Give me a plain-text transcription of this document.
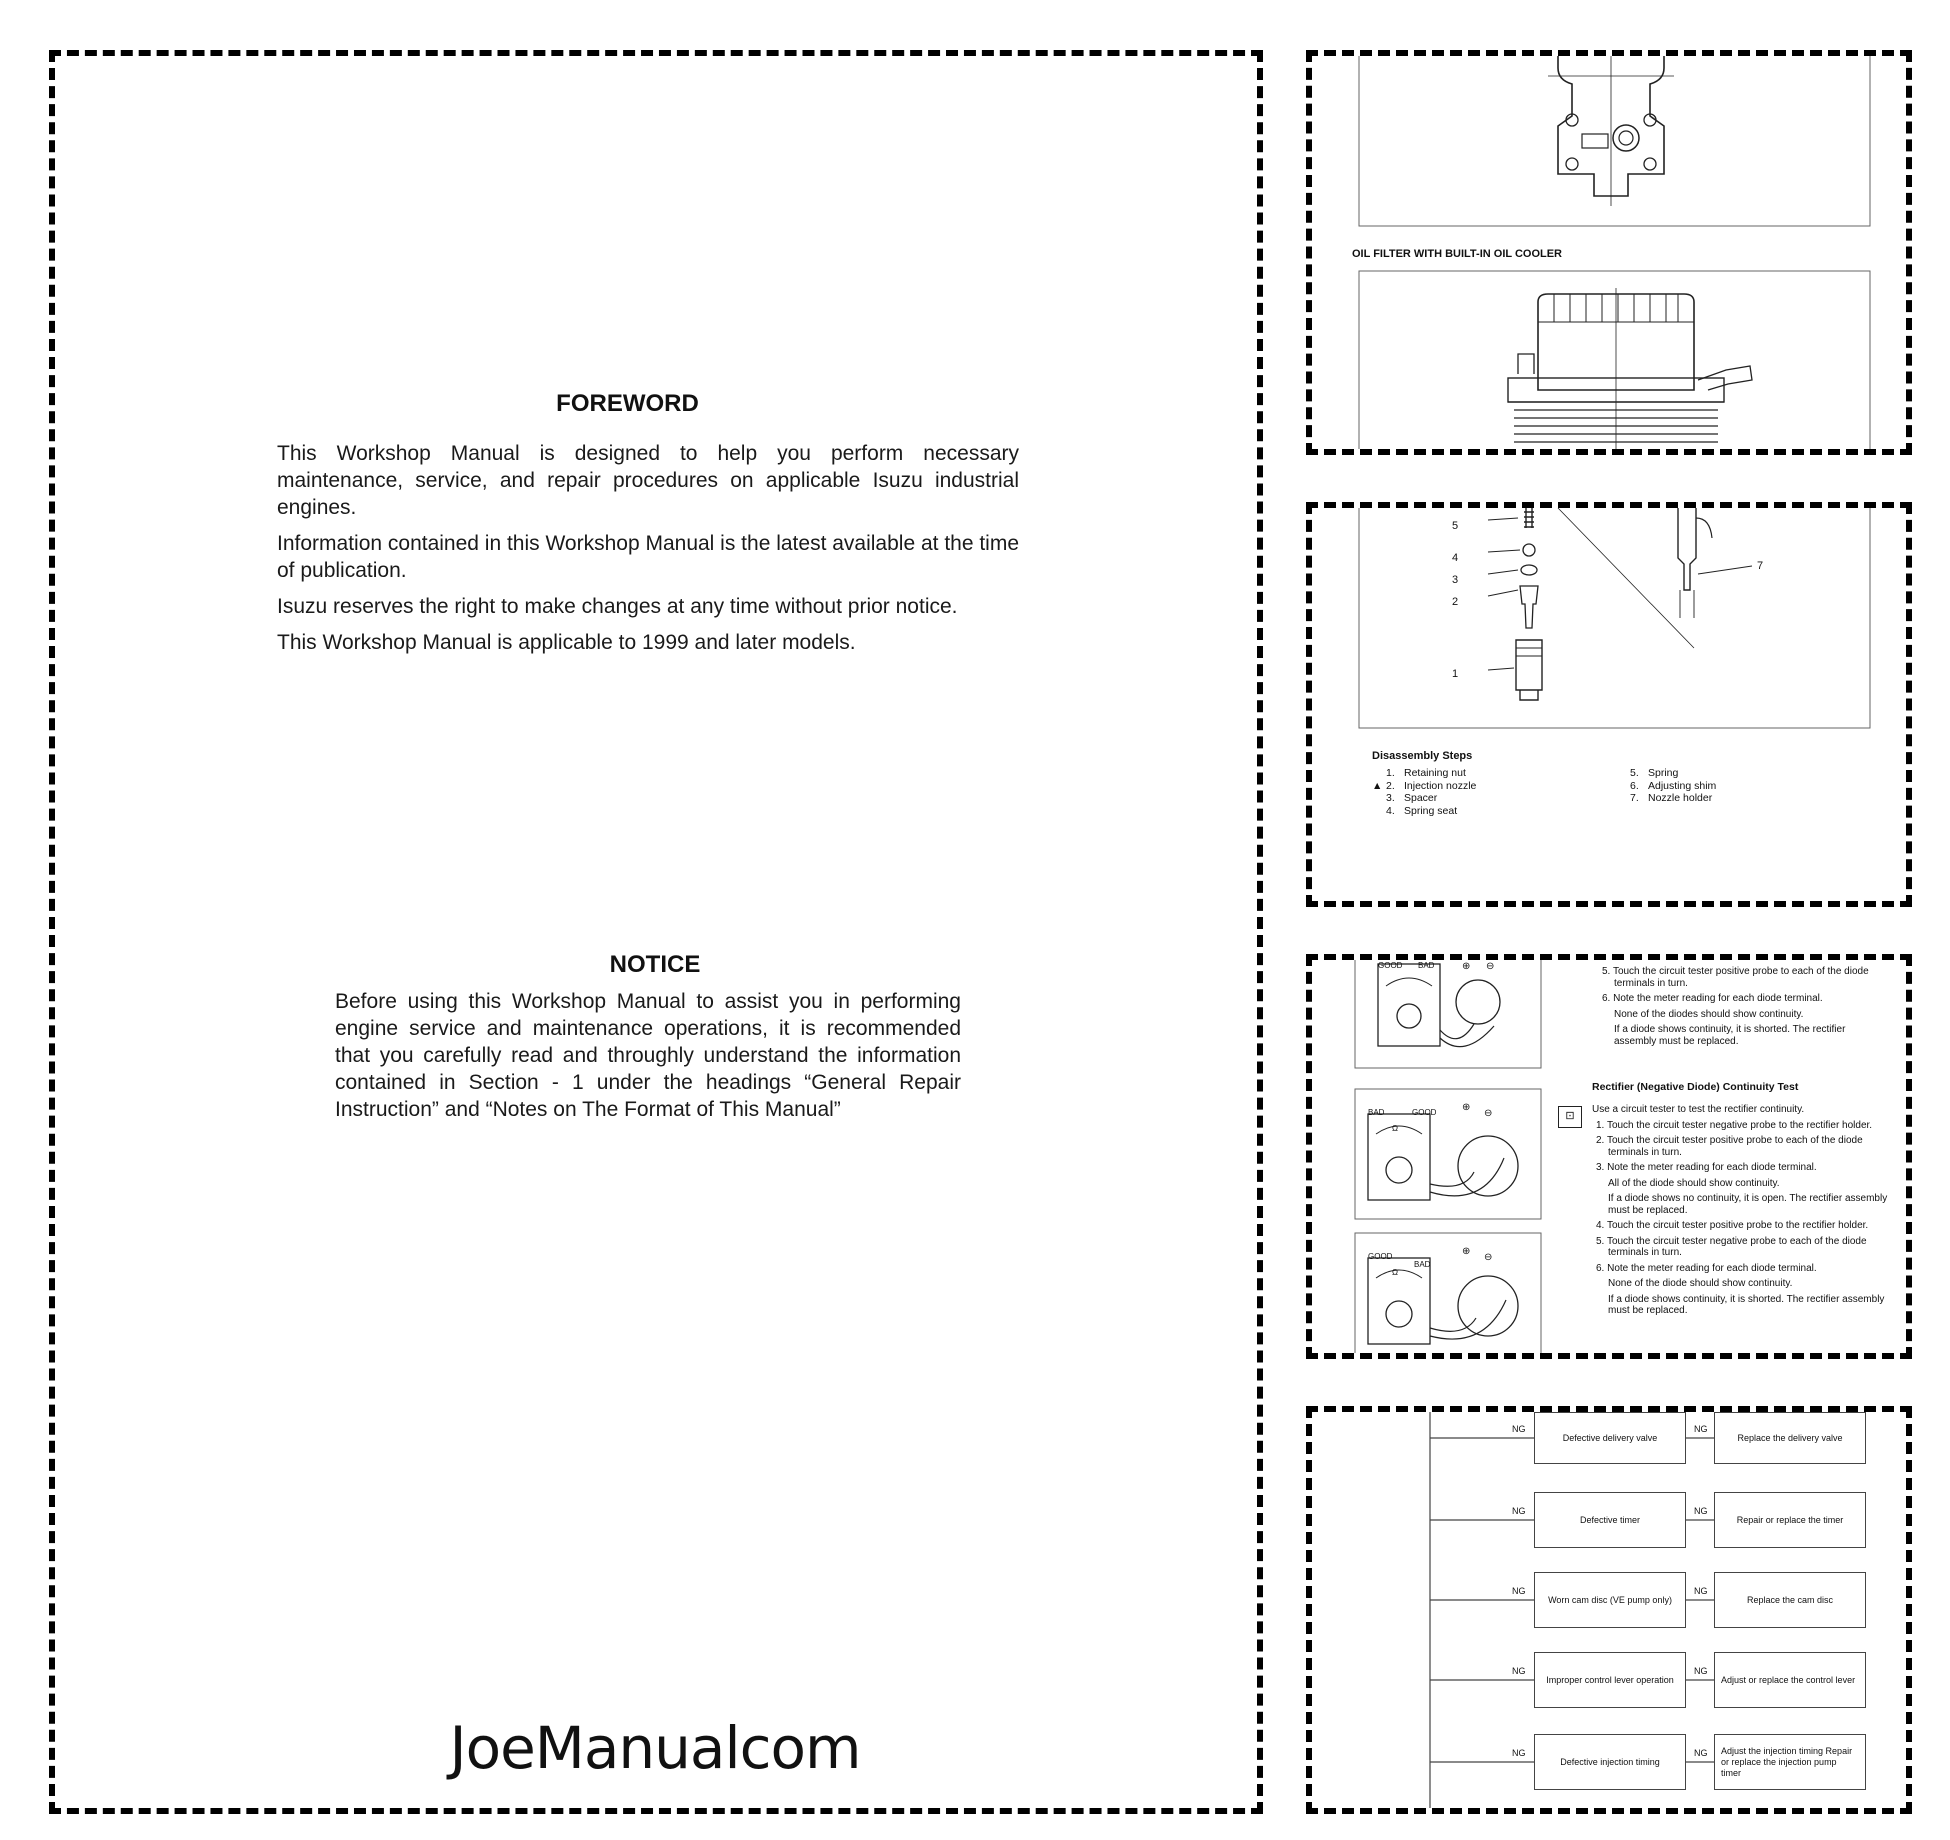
FOREWORD

This Workshop Manual is designed to help you perform necessary maintenance, service, and repair procedures on applicable Isuzu industrial engines.

Information contained in this Workshop Manual is the latest available at the time of publication.

Isuzu reserves the right to make changes at any time without prior notice.

This Workshop Manual is applicable to 1999 and later models.

NOTICE

Before using this Workshop Manual to assist you in performing engine service and maintenance operations, it is recommended that you carefully read and throughly understand the information contained in Section - 1 under the headings “General Repair Instruction” and “Notes on The Format of This Manual”

JoeManualcom
OIL FILTER WITH BUILT-IN OIL COOLER
5
4
3
2
1
7
Disassembly Steps
1. Retaining nut
▲ 2. Injection nozzle
3. Spacer
4. Spring seat
5. Spring
6. Adjusting shim
7. Nozzle holder
GOOD BAD	⊕ ⊖
BAD	GOOD
Ω
⊕
⊖
GOOD
BAD
Ω
⊕
⊖
5. Touch the circuit tester positive probe to each of the diode terminals in turn.
6. Note the meter reading for each diode terminal.
None of the diodes should show continuity.
If a diode shows continuity, it is shorted. The rectifier assembly must be replaced.
Rectifier (Negative Diode) Continuity Test
⊡
Use a circuit tester to test the rectifier continuity.
1. Touch the circuit tester negative probe to the rectifier holder.
2. Touch the circuit tester positive probe to each of the diode terminals in turn.
3. Note the meter reading for each diode terminal.
All of the diode should show continuity.
If a diode shows no continuity, it is open. The rectifier assembly must be replaced.
4. Touch the circuit tester positive probe to the rectifier holder.
5. Touch the circuit tester negative probe to each of the diode terminals in turn.
6. Note the meter reading for each diode terminal.
None of the diode should show continuity.
If a diode shows continuity, it is shorted. The rectifier assembly must be replaced.
NG
Defective delivery valve
NG
Replace the delivery valve
NG
Defective timer
NG
Repair or replace the timer
NG
Worn cam disc (VE pump only)
NG
Replace the cam disc
NG
Improper control lever operation
NG
Adjust or replace the control lever
NG
Defective injection timing
NG	Adjust the injection timing Repair or replace the injection pump timer
